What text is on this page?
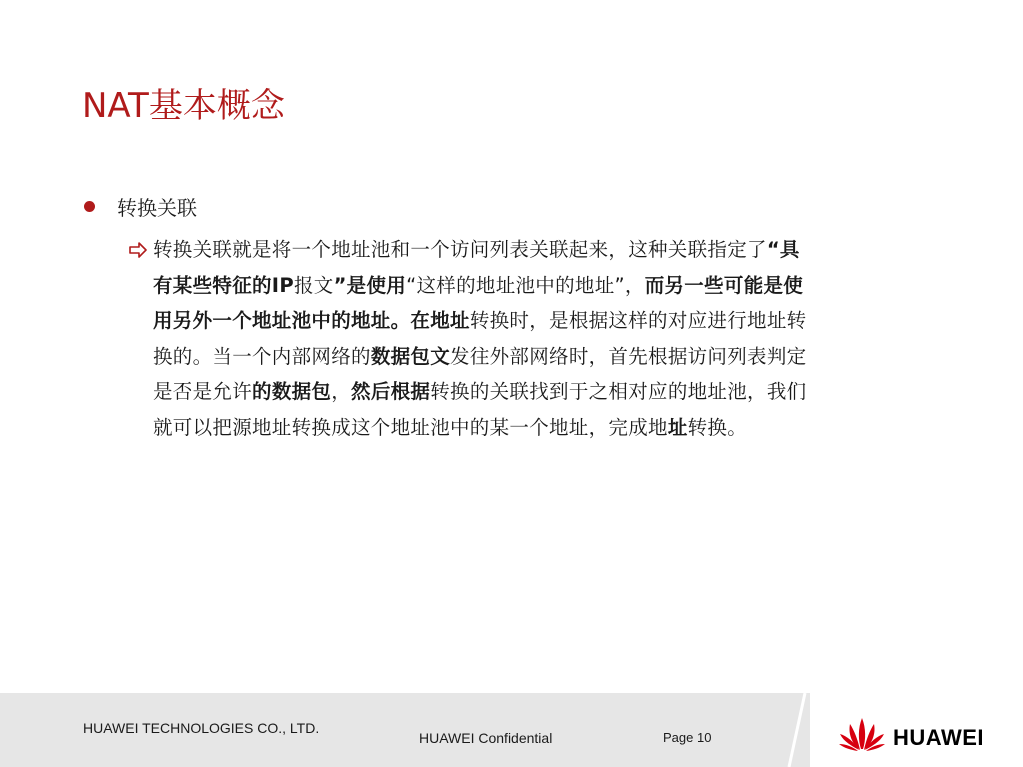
NAT基本概念
转换关联

转换关联就是将一个地址池和一个访问列表关联起来，这种关联指定了“具有某些特征的IP报文”是使用“这样的地址池中的地址”，而另一些可能是使用另外一个地址池中的地址。在地址转换时，是根据这样的对应进行地址转换的。当一个内部网络的数据包文发往外部网络时，首先根据访问列表判定是否是允许的数据包，然后根据转换的关联找到于之相对应的地址池，我们就可以把源地址转换成这个地址池中的某一个地址，完成地址转换。

HUAWEI TECHNOLOGIES CO., LTD.
HUAWEI Confidential	Page 10	HUAWEI
